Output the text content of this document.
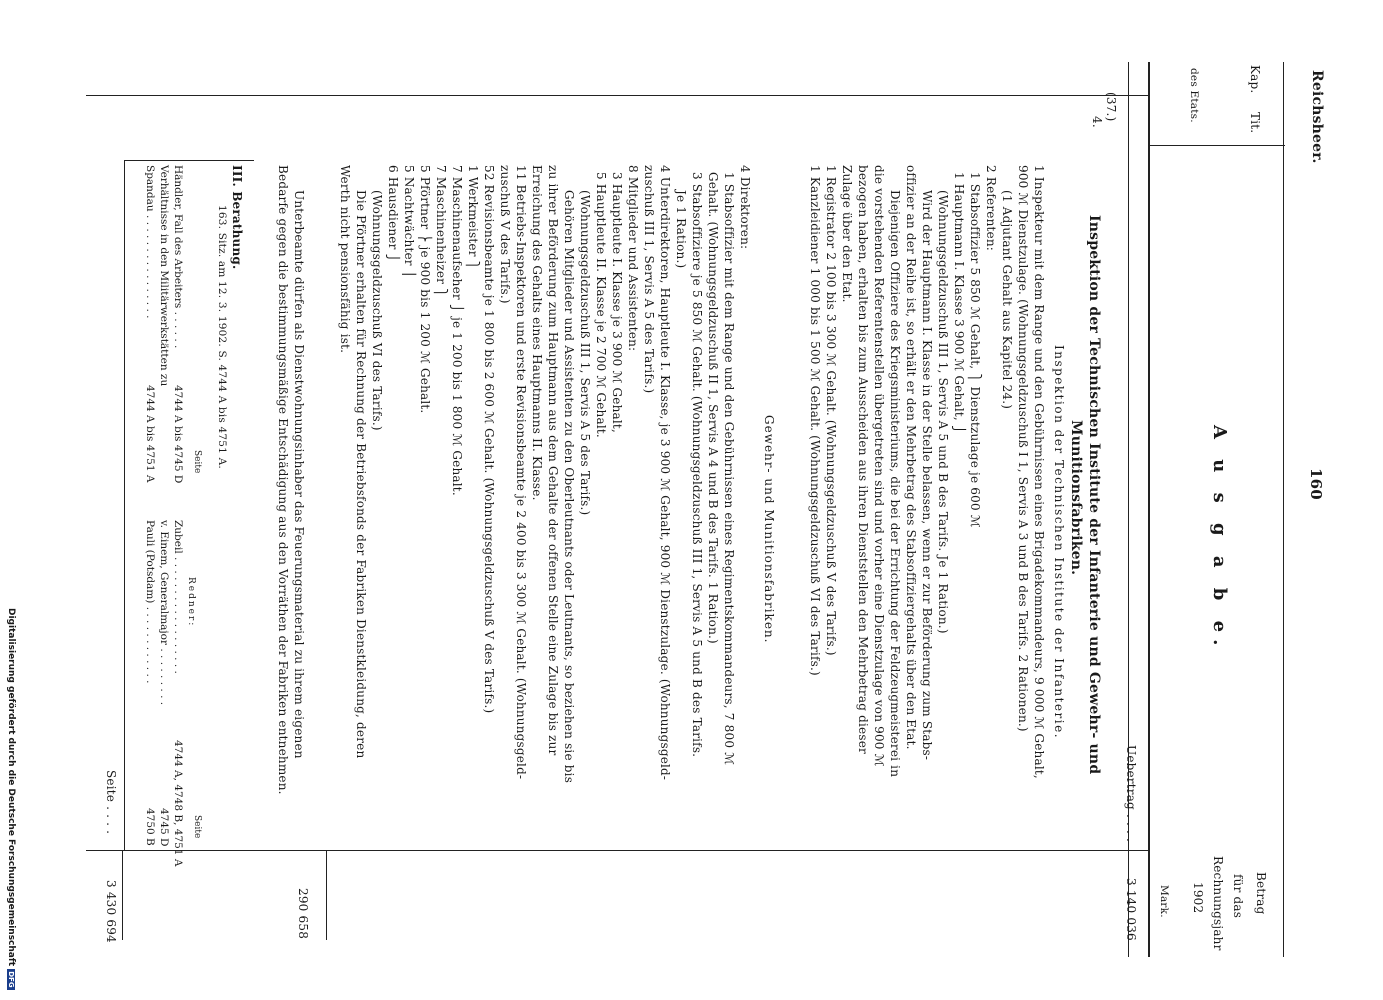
Reichsheer.
160
Kap.
Tit.
des Etats.
Betrag
für das
Rechnungsjahr
1902
Mark.
(37.)
4.
A u s g a b e.
Uebertrag . . . .
3 140 036
Inspektion der Technischen Institute der Infanterie und Gewehr- und
Munitionsfabriken.
Inspektion der Technischen Institute der Infanterie.
Gewehr- und Munitionsfabriken.	1 Inspekteur mit dem Range und den Gebührnissen eines Brigadekommandeurs, 9 000 ℳ Gehalt,
900 ℳ Dienstzulage. (Wohnungsgeldzuschuß I 1, Servis A 3 und B des Tarifs. 2 Rationen.)
(1 Adjutant Gehalt aus Kapitel 24.)
2 Referenten:
1 Stabsoffizier 5 850 ℳ Gehalt, ⎫ Dienstzulage je 600 ℳ
1 Hauptmann I. Klasse 3 900 ℳ Gehalt, ⎭
(Wohnungsgeldzuschuß III 1, Servis A 5 und B des Tarifs. Je 1 Ration.)
Wird der Hauptmann I. Klasse in der Stelle belassen, wenn er zur Beförderung zum Stabs-
offizier an der Reihe ist, so erhält er den Mehrbetrag des Stabsoffiziergehalts über den Etat.
Diejenigen Offiziere des Kriegsministeriums, die bei der Errichtung der Feldzeugmeisterei in
die vorstehenden Referentenstellen übergetreten sind und vorher eine Dienstzulage von 900 ℳ
bezogen haben, erhalten bis zum Ausscheiden aus ihren Dienststellen den Mehrbetrag dieser
Zulage über den Etat.
1 Registrator 2 100 bis 3 300 ℳ Gehalt. (Wohnungsgeldzuschuß V des Tarifs.)
1 Kanzleidiener 1 000 bis 1 500 ℳ Gehalt. (Wohnungsgeldzuschuß VI des Tarifs.)
4 Direktoren:
1 Stabsoffizier mit dem Range und den Gebührnissen eines Regimentskommandeurs, 7 800 ℳ
Gehalt. (Wohnungsgeldzuschuß II 1, Servis A 4 und B des Tarifs. 1 Ration.)
3 Stabsoffiziere je 5 850 ℳ Gehalt. (Wohnungsgeldzuschuß III 1, Servis A 5 und B des Tarifs.
Je 1 Ration.)
4 Unterdirektoren, Hauptleute I. Klasse, je 3 900 ℳ Gehalt, 900 ℳ Dienstzulage. (Wohnungsgeld-
zuschuß III 1, Servis A 5 des Tarifs.)
8 Mitglieder und Assistenten:
3 Hauptleute I. Klasse je 3 900 ℳ Gehalt,
5 Hauptleute II. Klasse je 2 700 ℳ Gehalt.
(Wohnungsgeldzuschuß III 1, Servis A 5 des Tarifs.)
Gehören Mitglieder und Assistenten zu den Oberleutnants oder Leutnants, so beziehen sie bis
zu ihrer Beförderung zum Hauptmann aus dem Gehalte der offenen Stelle eine Zulage bis zur
Erreichung des Gehalts eines Hauptmanns II. Klasse.
11 Betriebs-Inspektoren und erste Revisionsbeamte je 2 400 bis 3 300 ℳ Gehalt. (Wohnungsgeld-
zuschuß V des Tarifs.)
52 Revisionsbeamte je 1 800 bis 2 600 ℳ Gehalt. (Wohnungsgeldzuschuß V des Tarifs.)
1 Werkmeister ⎫
7 Maschinenaufseher ⎭ je 1 200 bis 1 800 ℳ Gehalt.
7 Maschinenheizer ⎫
5 Pförtner ⎬ je 900 bis 1 200 ℳ Gehalt.
5 Nachtwächter ⎪
6 Hausdiener ⎭
(Wohnungsgeldzuschuß VI des Tarifs.)
Die Pförtner erhalten für Rechnung der Betriebsfonds der Fabriken Dienstkleidung, deren
Werth nicht pensionsfähig ist.
Unterbeamte dürfen als Dienstwohnungsinhaber das Feuerungsmaterial zu ihrem eigenen
Bedarfe gegen die bestimmungsmäßige Entschädigung aus den Vorräthen der Fabriken entnehmen.
290 658
Seite . . . .
3 430 694
III. Berathung.
163. Sitz. am 12. 3. 1902. S. 4744 A bis 4751 A.
Seite
Redner:
Seite
Händler, Fall des Arbeiters . . . . . .
4744 A bis 4745 D
Verhältnisse in den Militärwerkstätten zu
Spandau . . . . . . . . . . . . . . . .
4744 A bis 4751 A
Zubeil . . . . . . . . . . . . . . . . . .
4744 A, 4748 B, 4751 A
v. Einem, Generalmajor . . . . . . . . .
4745 D
Pauli (Potsdam) . . . . . . . . . . . .
4750 B
Digitalisierung gefördert durch die Deutsche Forschungsgemeinschaft DFG
